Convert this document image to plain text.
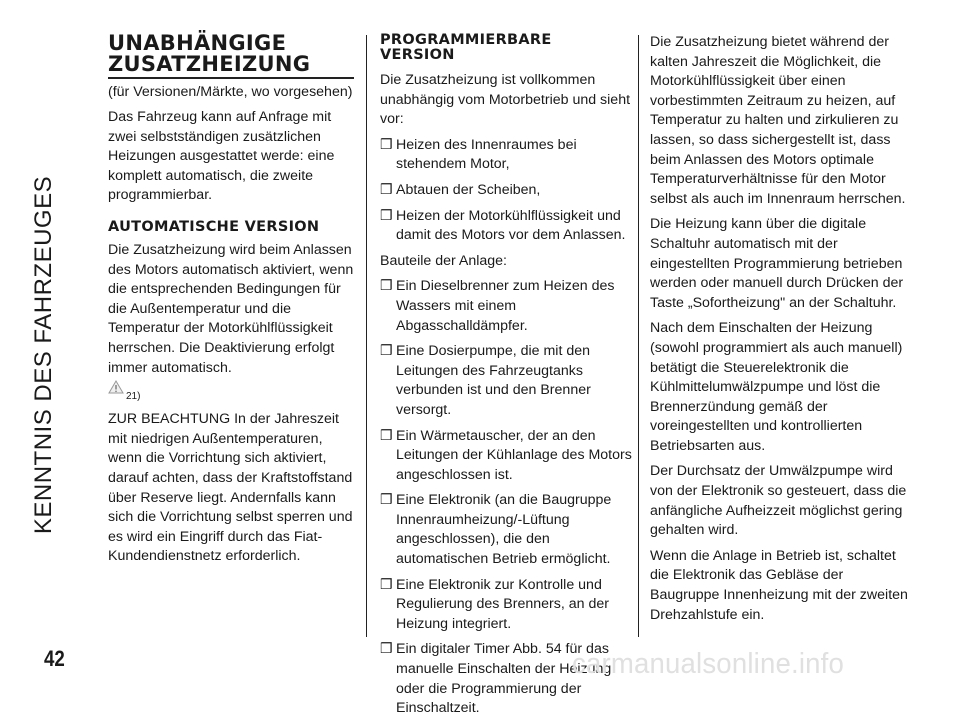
KENNTNIS DES FAHRZEUGES
42
UNABHÄNGIGE
ZUSATZHEIZUNG

(für Versionen/Märkte, wo vorgesehen)

Das Fahrzeug kann auf Anfrage mit zwei selbstständigen zusätzlichen Heizungen ausgestattet werde: eine komplett automatisch, die zweite programmierbar.

AUTOMATISCHE VERSION

Die Zusatzheizung wird beim Anlassen des Motors automatisch aktiviert, wenn die entsprechenden Bedingungen für die Außentemperatur und die Temperatur der Motorkühlflüssigkeit herrschen. Die Deaktivierung erfolgt immer automatisch.

21)

ZUR BEACHTUNG In der Jahreszeit mit niedrigen Außentemperaturen, wenn die Vorrichtung sich aktiviert, darauf achten, dass der Kraftstoffstand über Reserve liegt. Andernfalls kann sich die Vorrichtung selbst sperren und es wird ein Eingriff durch das Fiat-Kundendienstnetz erforderlich.

PROGRAMMIERBARE
VERSION

Die Zusatzheizung ist vollkommen unabhängig vom Motorbetrieb und sieht vor:

❒ Heizen des Innenraumes bei stehendem Motor,
❒ Abtauen der Scheiben,
❒ Heizen der Motorkühlflüssigkeit und damit des Motors vor dem Anlassen.

Bauteile der Anlage:

❒ Ein Dieselbrenner zum Heizen des Wassers mit einem Abgasschalldämpfer.
❒ Eine Dosierpumpe, die mit den Leitungen des Fahrzeugtanks verbunden ist und den Brenner versorgt.
❒ Ein Wärmetauscher, der an den Leitungen der Kühlanlage des Motors angeschlossen ist.
❒ Eine Elektronik (an die Baugruppe Innenraumheizung/-Lüftung angeschlossen), die den automatischen Betrieb ermöglicht.
❒ Eine Elektronik zur Kontrolle und Regulierung des Brenners, an der Heizung integriert.
❒ Ein digitaler Timer Abb. 54 für das manuelle Einschalten der Heizung oder die Programmierung der Einschaltzeit.

Die Zusatzheizung bietet während der kalten Jahreszeit die Möglichkeit, die Motorkühlflüssigkeit über einen vorbestimmten Zeitraum zu heizen, auf Temperatur zu halten und zirkulieren zu lassen, so dass sichergestellt ist, dass beim Anlassen des Motors optimale Temperaturverhältnisse für den Motor selbst als auch im Innenraum herrschen.

Die Heizung kann über die digitale Schaltuhr automatisch mit der eingestellten Programmierung betrieben werden oder manuell durch Drücken der Taste „Sofortheizung" an der Schaltuhr.

Nach dem Einschalten der Heizung (sowohl programmiert als auch manuell) betätigt die Steuerelektronik die Kühlmittelumwälzpumpe und löst die Brennerzündung gemäß der voreingestellten und kontrollierten Betriebsarten aus.

Der Durchsatz der Umwälzpumpe wird von der Elektronik so gesteuert, dass die anfängliche Aufheizzeit möglichst gering gehalten wird.

Wenn die Anlage in Betrieb ist, schaltet die Elektronik das Gebläse der Baugruppe Innenheizung mit der zweiten Drehzahlstufe ein.

carmanualsonline.info
